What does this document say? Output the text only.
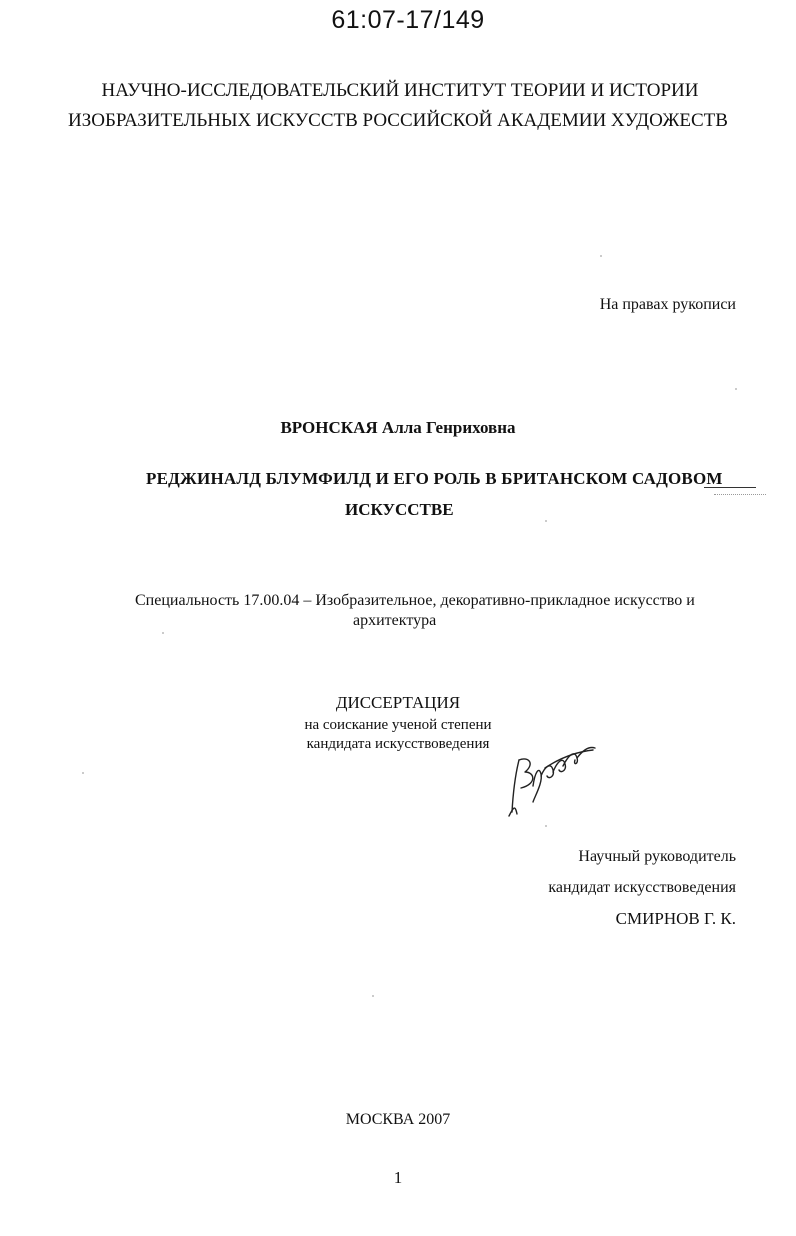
61:07-17/149
НАУЧНО-ИССЛЕДОВАТЕЛЬСКИЙ ИНСТИТУТ ТЕОРИИ И ИСТОРИИ
ИЗОБРАЗИТЕЛЬНЫХ ИСКУССТВ РОССИЙСКОЙ АКАДЕМИИ ХУДОЖЕСТВ
На правах рукописи
ВРОНСКАЯ Алла Генриховна
РЕДЖИНАЛД БЛУМФИЛД И ЕГО РОЛЬ В БРИТАНСКОМ САДОВОМ
ИСКУССТВЕ
Специальность 17.00.04 – Изобразительное, декоративно-прикладное искусство и
архитектура
ДИССЕРТАЦИЯ
на соискание ученой степени
кандидата искусствоведения
Научный руководитель
кандидат искусствоведения
СМИРНОВ Г. К.
МОСКВА 2007
1
